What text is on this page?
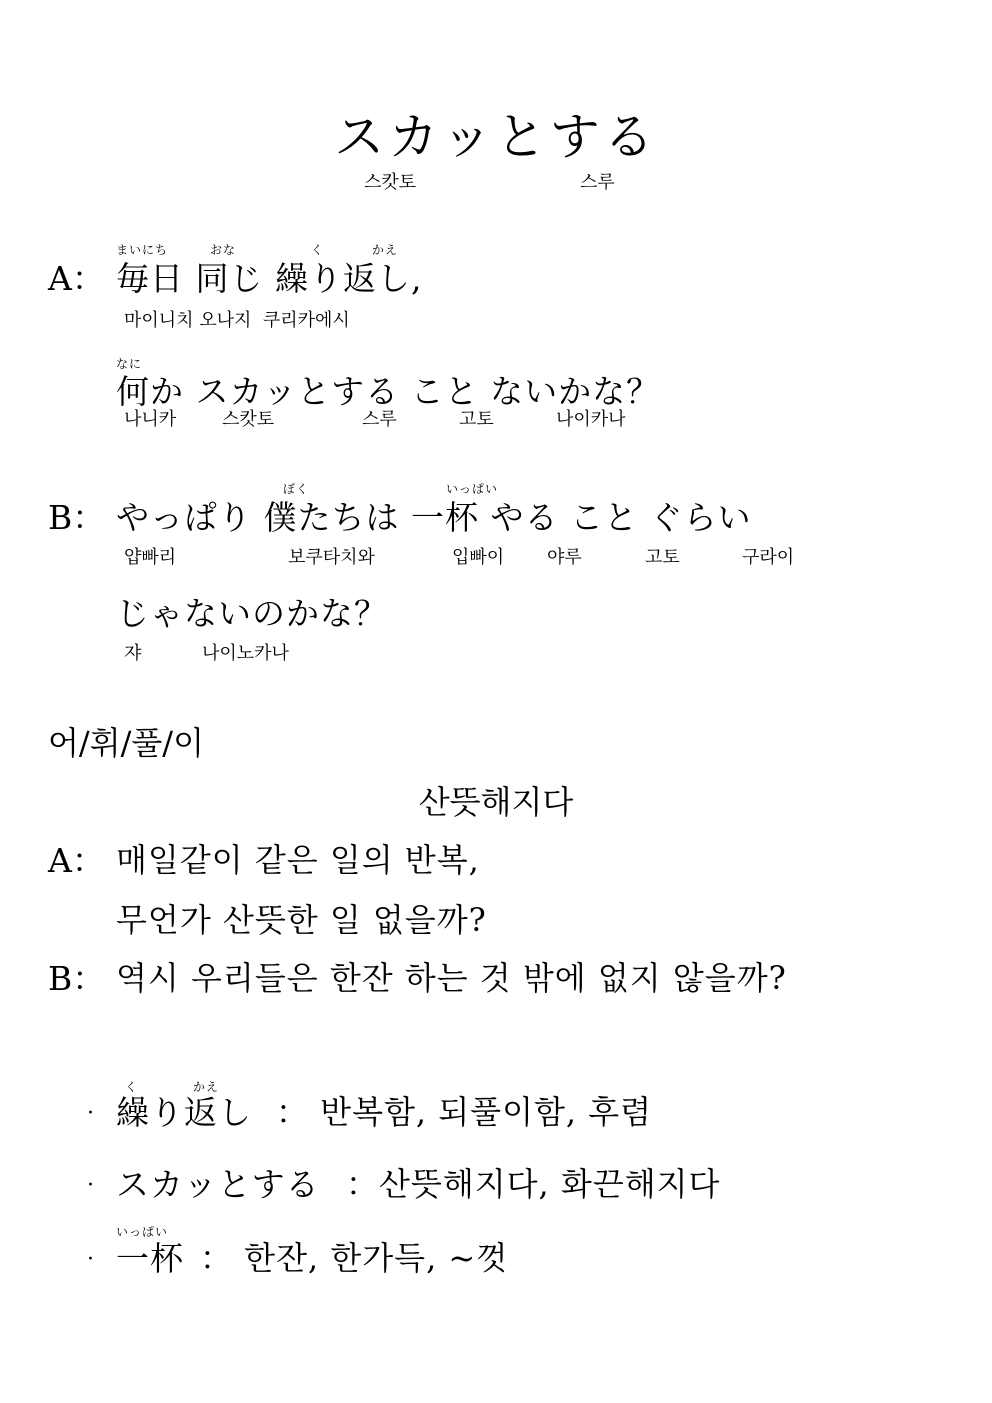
スカッとする
스캇토	스루
A：
まいにち	おな	く	かえ
毎日 同じ 繰り返し,
마이니치 오나지  쿠리카에시
なに
何か スカッとする こと ないかな？
나니카	스캇토	스루	고토	나이카나
B：
ぼく	いっぱい
やっぱり 僕たちは 一杯 やる こと ぐらい
얍빠리	보쿠타치와	입빠이 야루	고토	구라이
じゃないのかな？
쟈	나이노카나
어/휘/풀/이
산뜻해지다
A： 매일같이 같은 일의 반복,
무언가 산뜻한 일 없을까?
B： 역시 우리들은 한잔 하는 것 밖에 없지 않을까?
·
く	かえ
繰り返し ： 반복함, 되풀이함, 후렴
· スカッとする ：산뜻해지다, 화끈해지다
·
いっぱい
一杯 ： 한잔, 한가득, ~껏
